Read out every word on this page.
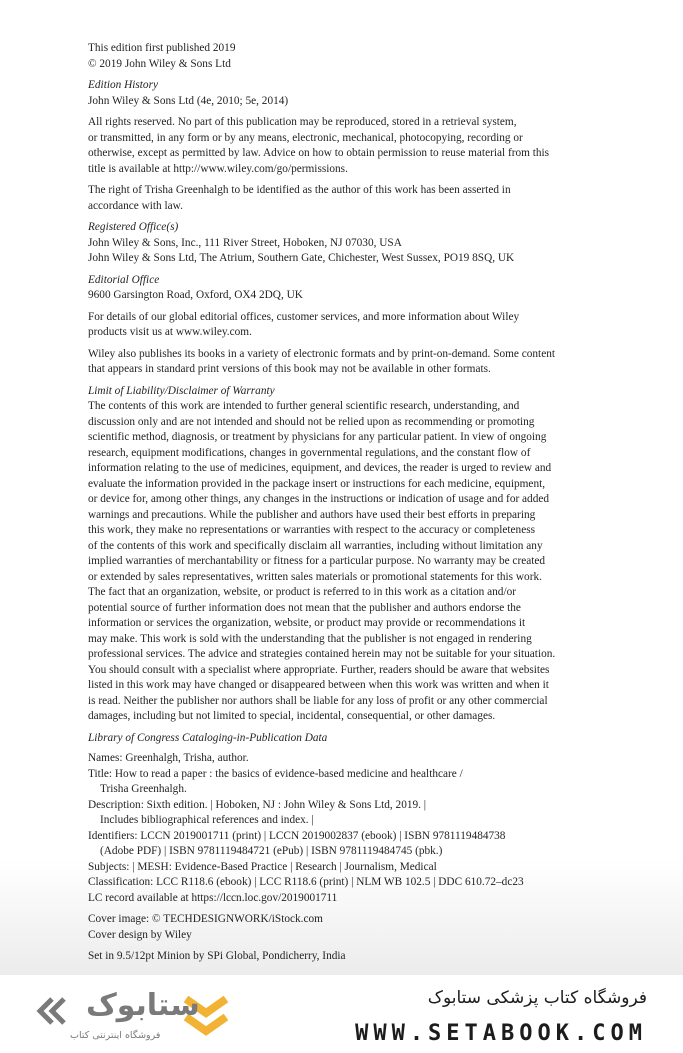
This edition first published 2019

© 2019 John Wiley & Sons Ltd

Edition History

John Wiley & Sons Ltd (4e, 2010; 5e, 2014)

All rights reserved. No part of this publication may be reproduced, stored in a retrieval system,

or transmitted, in any form or by any means, electronic, mechanical, photocopying, recording or

otherwise, except as permitted by law. Advice on how to obtain permission to reuse material from this

title is available at http://www.wiley.com/go/permissions.

The right of Trisha Greenhalgh to be identified as the author of this work has been asserted in

accordance with law.

Registered Office(s)

John Wiley & Sons, Inc., 111 River Street, Hoboken, NJ 07030, USA

John Wiley & Sons Ltd, The Atrium, Southern Gate, Chichester, West Sussex, PO19 8SQ, UK

Editorial Office

9600 Garsington Road, Oxford, OX4 2DQ, UK

For details of our global editorial offices, customer services, and more information about Wiley

products visit us at www.wiley.com.

Wiley also publishes its books in a variety of electronic formats and by print-on-demand. Some content

that appears in standard print versions of this book may not be available in other formats.

Limit of Liability/Disclaimer of Warranty

The contents of this work are intended to further general scientific research, understanding, and

discussion only and are not intended and should not be relied upon as recommending or promoting

scientific method, diagnosis, or treatment by physicians for any particular patient. In view of ongoing

research, equipment modifications, changes in governmental regulations, and the constant flow of

information relating to the use of medicines, equipment, and devices, the reader is urged to review and

evaluate the information provided in the package insert or instructions for each medicine, equipment,

or device for, among other things, any changes in the instructions or indication of usage and for added

warnings and precautions. While the publisher and authors have used their best efforts in preparing

this work, they make no representations or warranties with respect to the accuracy or completeness

of the contents of this work and specifically disclaim all warranties, including without limitation any

implied warranties of merchantability or fitness for a particular purpose. No warranty may be created

or extended by sales representatives, written sales materials or promotional statements for this work.

The fact that an organization, website, or product is referred to in this work as a citation and/or

potential source of further information does not mean that the publisher and authors endorse the

information or services the organization, website, or product may provide or recommendations it

may make. This work is sold with the understanding that the publisher is not engaged in rendering

professional services. The advice and strategies contained herein may not be suitable for your situation.

You should consult with a specialist where appropriate. Further, readers should be aware that websites

listed in this work may have changed or disappeared between when this work was written and when it

is read. Neither the publisher nor authors shall be liable for any loss of profit or any other commercial

damages, including but not limited to special, incidental, consequential, or other damages.

Library of Congress Cataloging-in-Publication Data

Names: Greenhalgh, Trisha, author.

Title: How to read a paper : the basics of evidence-based medicine and healthcare /

Trisha Greenhalgh.

Description: Sixth edition. | Hoboken, NJ : John Wiley & Sons Ltd, 2019. |

Includes bibliographical references and index. |

Identifiers: LCCN 2019001711 (print) | LCCN 2019002837 (ebook) | ISBN 9781119484738

(Adobe PDF) | ISBN 9781119484721 (ePub) | ISBN 9781119484745 (pbk.)

Subjects: | MESH: Evidence-Based Practice | Research | Journalism, Medical

Classification: LCC R118.6 (ebook) | LCC R118.6 (print) | NLM WB 102.5 | DDC 610.72–dc23

LC record available at https://lccn.loc.gov/2019001711

Cover image: © TECHDESIGNWORK/iStock.com

Cover design by Wiley

Set in 9.5/12pt Minion by SPi Global, Pondicherry, India

ستابوک
فروشگاه اینترنتی کتاب
فروشگاه کتاب پزشکی ستابوک
WWW.SETABOOK.COM
